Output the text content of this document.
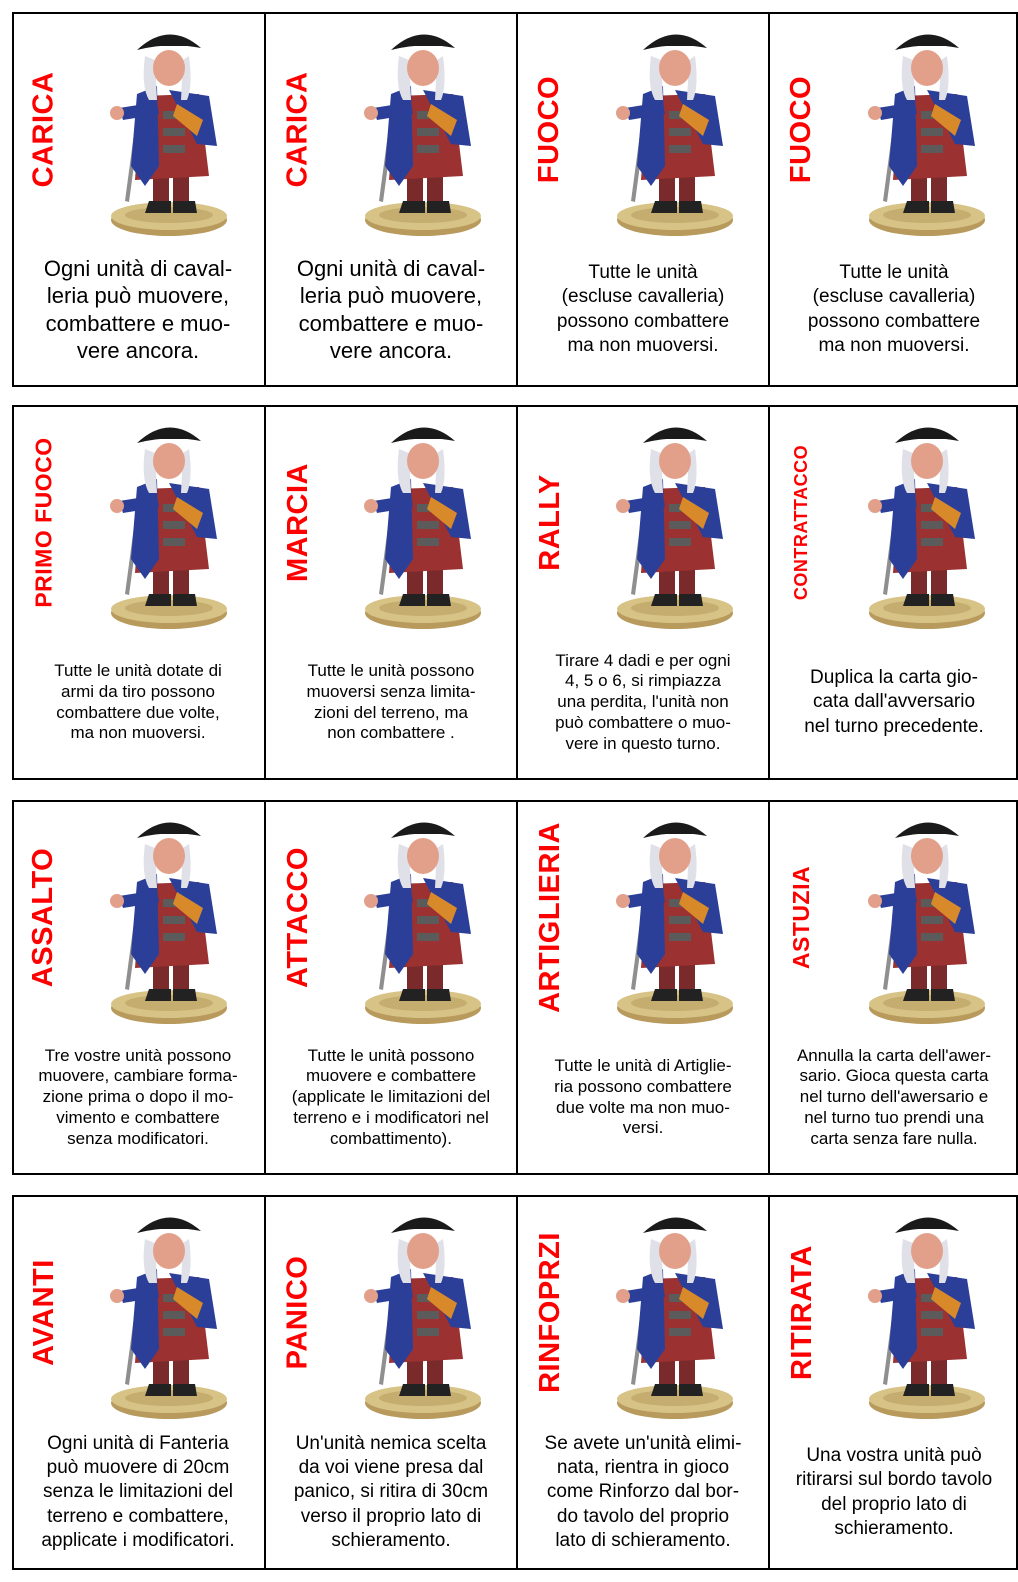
CARICA
Ogni unità di caval-
leria può muovere,
combattere e muo-
vere ancora.
CARICA
Ogni unità di caval-
leria può muovere,
combattere e muo-
vere ancora.
FUOCO
Tutte le unità
(escluse cavalleria)
possono combattere
ma non muoversi.
FUOCO
Tutte le unità
(escluse cavalleria)
possono combattere
ma non muoversi.
PRIMO FUOCO
Tutte le unità dotate di
armi da tiro possono
combattere due volte,
ma non muoversi.
MARCIA
Tutte le unità possono
muoversi senza limita-
zioni del terreno, ma
non combattere .
RALLY
Tirare 4 dadi e per ogni
4, 5 o 6, si rimpiazza
una perdita, l'unità non
può combattere o muo-
vere in questo turno.
CONTRATTACCO
Duplica la carta gio-
cata dall'avversario
nel turno precedente.
ASSALTO
Tre vostre unità possono
muovere, cambiare forma-
zione prima o dopo il mo-
vimento e combattere
senza modificatori.
ATTACCO
Tutte le unità possono
muovere e combattere
(applicate le limitazioni del
terreno e i modificatori nel
combattimento).
ARTIGLIERIA
Tutte le unità di Artiglie-
ria possono combattere
due volte ma non muo-
versi.
ASTUZIA
Annulla la carta dell'awer-
sario. Gioca questa carta
nel turno dell'awersario e
nel turno tuo prendi una
carta senza fare nulla.
AVANTI
Ogni unità di Fanteria
può muovere di 20cm
senza le limitazioni del
terreno e combattere,
applicate i modificatori.
PANICO
Un'unità nemica scelta
da voi viene presa dal
panico, si ritira di 30cm
verso il proprio lato di
schieramento.
RINFOPRZI
Se avete un'unità elimi-
nata, rientra in gioco
come Rinforzo dal bor-
do tavolo del proprio
lato di schieramento.
RITIRATA
Una vostra unità può
ritirarsi sul bordo tavolo
del proprio lato di
schieramento.
